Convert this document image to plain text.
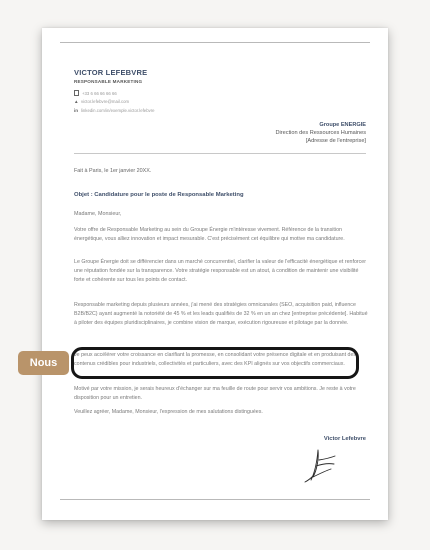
VICTOR LEFEBVRE
RESPONSABLE MARKETING
+33 6 66 66 66 66
▲ victor.lefebvre@mail.com
in linkedin.com/in/exemple.victor.lefebvre
Groupe ENERGIE
Direction des Ressources Humaines
[Adresse de l'entreprise]
Fait à Paris, le 1er janvier 20XX.
Objet : Candidature pour le poste de Responsable Marketing
Madame, Monsieur,
Votre offre de Responsable Marketing au sein du Groupe Énergie m'intéresse vivement. Référence de la transition énergétique, vous alliez innovation et impact mesurable. C'est précisément cet équilibre qui motive ma candidature.
Le Groupe Énergie doit se différencier dans un marché concurrentiel, clarifier la valeur de l'efficacité énergétique et renforcer une réputation fondée sur la transparence. Votre stratégie responsable est un atout, à condition de maintenir une visibilité forte et cohérente sur tous les points de contact.
Responsable marketing depuis plusieurs années, j'ai mené des stratégies omnicanales (SEO, acquisition paid, influence B2B/B2C) ayant augmenté la notoriété de 45 % et les leads qualifiés de 32 % en un an chez [entreprise précédente]. Habitué à piloter des équipes pluridisciplinaires, je combine vision de marque, exécution rigoureuse et pilotage par la donnée.
Je peux accélérer votre croissance en clarifiant la promesse, en consolidant votre présence digitale et en produisant des contenus crédibles pour industriels, collectivités et particuliers, avec des KPI alignés sur vos objectifs commerciaux.
Motivé par votre mission, je serais heureux d'échanger sur ma feuille de route pour servir vos ambitions. Je reste à votre disposition pour un entretien.
Veuillez agréer, Madame, Monsieur, l'expression de mes salutations distinguées.
Victor Lefebvre
Nous
